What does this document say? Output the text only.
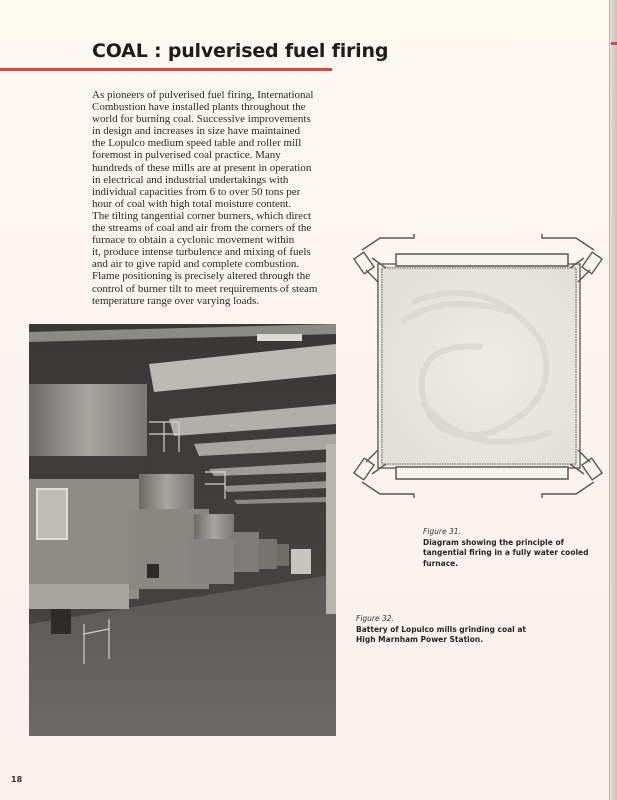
COAL : pulverised fuel firing
As pioneers of pulverised fuel firing, International
Combustion have installed plants throughout the
world for burning coal. Successive improvements
in design and increases in size have maintained
the Lopulco medium speed table and roller mill
foremost in pulverised coal practice. Many
hundreds of these mills are at present in operation
in electrical and industrial undertakings with
individual capacities from 6 to over 50 tons per
hour of coal with high total moisture content.
The tilting tangential corner burners, which direct
the streams of coal and air from the corners of the
furnace to obtain a cyclonic movement within
it, produce intense turbulence and mixing of fuels
and air to give rapid and complete combustion.
Flame positioning is precisely altered through the
control of burner tilt to meet requirements of steam
temperature range over varying loads.
Figure 31.
Diagram showing the principle of tangential firing in a fully water cooled furnace.
Figure 32.
Battery of Lopulco mills grinding coal at High Marnham Power Station.
18
